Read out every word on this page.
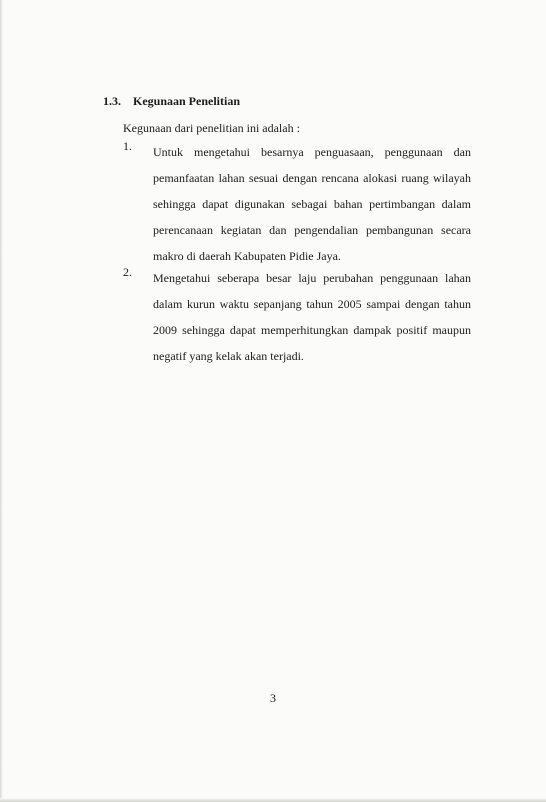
1.3. Kegunaan Penelitian
Kegunaan dari penelitian ini adalah :
1. Untuk mengetahui besarnya penguasaan, penggunaan dan pemanfaatan lahan sesuai dengan rencana alokasi ruang wilayah sehingga dapat digunakan sebagai bahan pertimbangan dalam perencanaan kegiatan dan pengendalian pembangunan secara makro di daerah Kabupaten Pidie Jaya.
2. Mengetahui seberapa besar laju perubahan penggunaan lahan dalam kurun waktu sepanjang tahun 2005 sampai dengan tahun 2009 sehingga dapat memperhitungkan dampak positif maupun negatif yang kelak akan terjadi.
3
